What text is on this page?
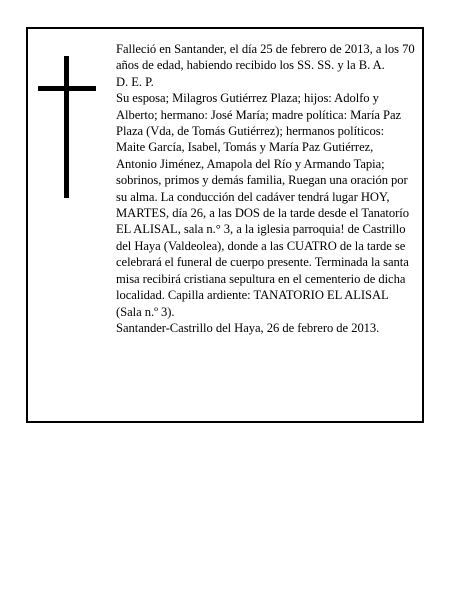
Falleció en Santander, el día 25 de febrero de 2013, a los 70 años de edad, habiendo recibido los SS. SS. y la B. A.

D. E. P.

Su esposa; Milagros Gutiérrez Plaza; hijos: Adolfo y Alberto; hermano: José María; madre política: María Paz Plaza (Vda, de Tomás Gutiérrez); hermanos políticos: Maite García, Isabel, Tomás y María Paz Gutiérrez, Antonio Jiménez, Amapola del Río y Armando Tapia; sobrinos, primos y demás familia, Ruegan una oración por su alma. La conducción del cadáver tendrá lugar HOY, MARTES, día 26, a las DOS de la tarde desde el Tanatorío EL ALISAL, sala n.° 3, a la iglesia parroquia! de Castrillo del Haya (Valdeolea), donde a las CUATRO de la tarde se celebrará el funeral de cuerpo presente. Terminada la santa misa recibirá cristiana sepultura en el cementerio de dicha localidad. Capilla ardiente: TANATORIO EL ALISAL (Sala n.º 3).

Santander-Castrillo del Haya, 26 de febrero de 2013.
